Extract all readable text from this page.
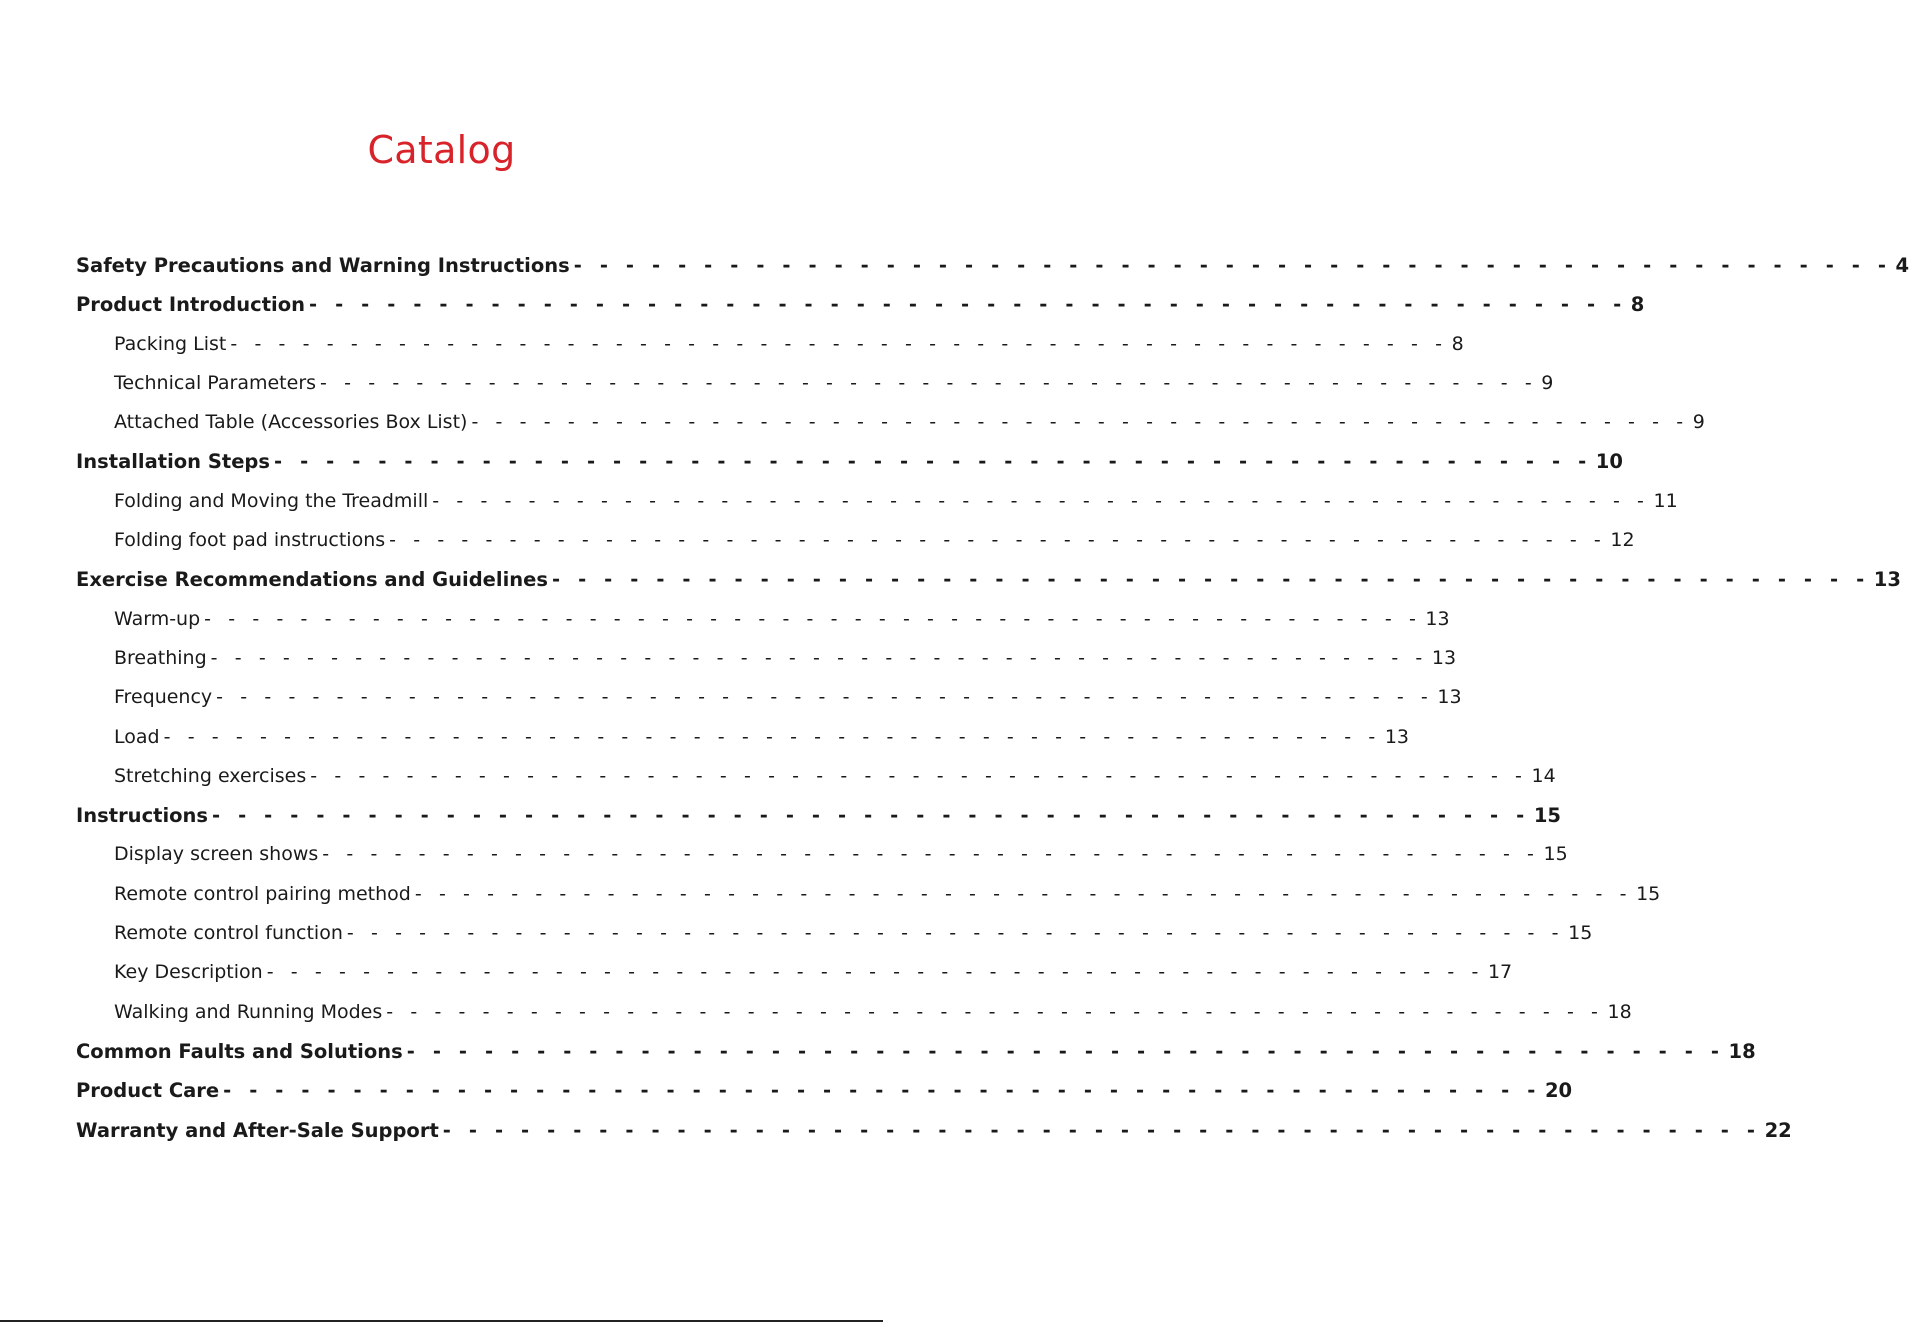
Catalog
Safety Precautions and Warning Instructions - - - - - - - - - - - - - - - - - - - - - - - - - - - - - - - - - - - - - - - - - - - - - - - - - - - 4
Product Introduction - - - - - - - - - - - - - - - - - - - - - - - - - - - - - - - - - - - - - - - - - - - - - - - - - - - 8
Packing List - - - - - - - - - - - - - - - - - - - - - - - - - - - - - - - - - - - - - - - - - - - - - - - - - - - 8
Technical Parameters - - - - - - - - - - - - - - - - - - - - - - - - - - - - - - - - - - - - - - - - - - - - - - - - - - - 9
Attached Table (Accessories Box List) - - - - - - - - - - - - - - - - - - - - - - - - - - - - - - - - - - - - - - - - - - - - - - - - - - - 9
Installation Steps - - - - - - - - - - - - - - - - - - - - - - - - - - - - - - - - - - - - - - - - - - - - - - - - - - - 10
Folding and Moving the Treadmill - - - - - - - - - - - - - - - - - - - - - - - - - - - - - - - - - - - - - - - - - - - - - - - - - - - 11
Folding foot pad instructions - - - - - - - - - - - - - - - - - - - - - - - - - - - - - - - - - - - - - - - - - - - - - - - - - - - 12
Exercise Recommendations and Guidelines - - - - - - - - - - - - - - - - - - - - - - - - - - - - - - - - - - - - - - - - - - - - - - - - - - - 13
Warm-up - - - - - - - - - - - - - - - - - - - - - - - - - - - - - - - - - - - - - - - - - - - - - - - - - - - 13
Breathing - - - - - - - - - - - - - - - - - - - - - - - - - - - - - - - - - - - - - - - - - - - - - - - - - - - 13
Frequency - - - - - - - - - - - - - - - - - - - - - - - - - - - - - - - - - - - - - - - - - - - - - - - - - - - 13
Load - - - - - - - - - - - - - - - - - - - - - - - - - - - - - - - - - - - - - - - - - - - - - - - - - - - 13
Stretching exercises - - - - - - - - - - - - - - - - - - - - - - - - - - - - - - - - - - - - - - - - - - - - - - - - - - - 14
Instructions - - - - - - - - - - - - - - - - - - - - - - - - - - - - - - - - - - - - - - - - - - - - - - - - - - - 15
Display screen shows - - - - - - - - - - - - - - - - - - - - - - - - - - - - - - - - - - - - - - - - - - - - - - - - - - - 15
Remote control pairing method - - - - - - - - - - - - - - - - - - - - - - - - - - - - - - - - - - - - - - - - - - - - - - - - - - - 15
Remote control function - - - - - - - - - - - - - - - - - - - - - - - - - - - - - - - - - - - - - - - - - - - - - - - - - - - 15
Key Description - - - - - - - - - - - - - - - - - - - - - - - - - - - - - - - - - - - - - - - - - - - - - - - - - - - 17
Walking and Running Modes - - - - - - - - - - - - - - - - - - - - - - - - - - - - - - - - - - - - - - - - - - - - - - - - - - - 18
Common Faults and Solutions - - - - - - - - - - - - - - - - - - - - - - - - - - - - - - - - - - - - - - - - - - - - - - - - - - - 18
Product Care - - - - - - - - - - - - - - - - - - - - - - - - - - - - - - - - - - - - - - - - - - - - - - - - - - - 20
Warranty and After-Sale Support - - - - - - - - - - - - - - - - - - - - - - - - - - - - - - - - - - - - - - - - - - - - - - - - - - - 22
